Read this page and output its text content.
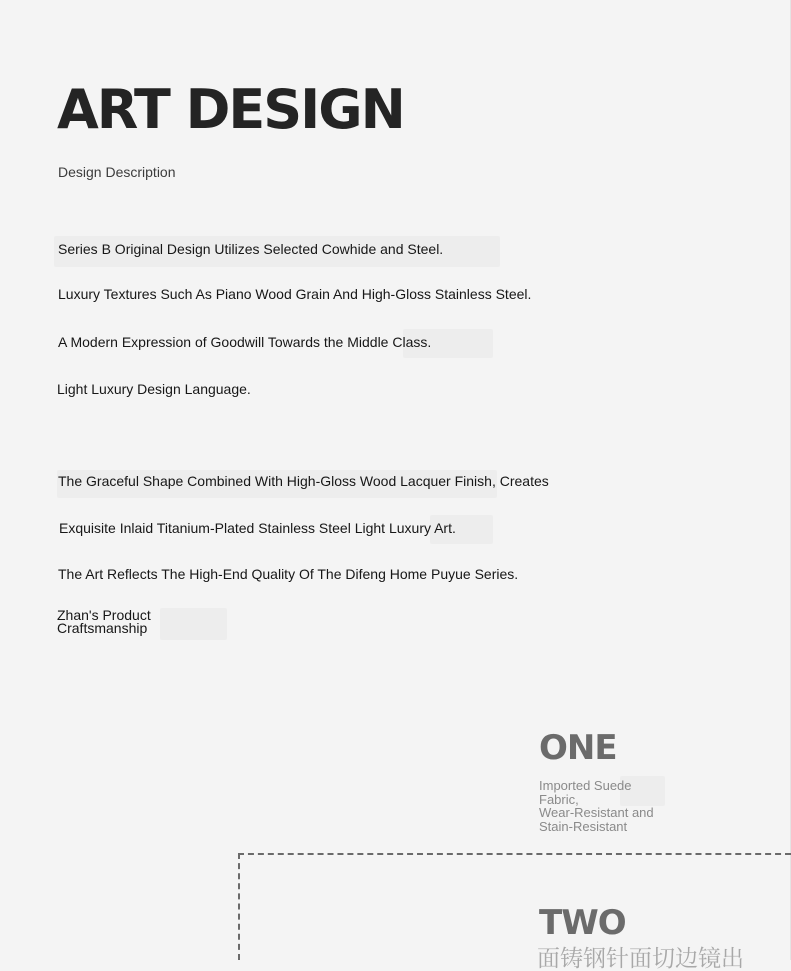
ART DESIGN
Design Description
Series B Original Design Utilizes Selected Cowhide and Steel.
Luxury Textures Such As Piano Wood Grain And High-Gloss Stainless Steel.
A Modern Expression of Goodwill Towards the Middle Class.
Light Luxury Design Language.
The Graceful Shape Combined With High-Gloss Wood Lacquer Finish, Creates
Exquisite Inlaid Titanium-Plated Stainless Steel Light Luxury Art.
The Art Reflects The High-End Quality Of The Difeng Home Puyue Series.
Zhan's Product
Craftsmanship
ONE
Imported Suede
Fabric,
Wear-Resistant and
Stain-Resistant
TWO
面铸钢针面切边镜出
